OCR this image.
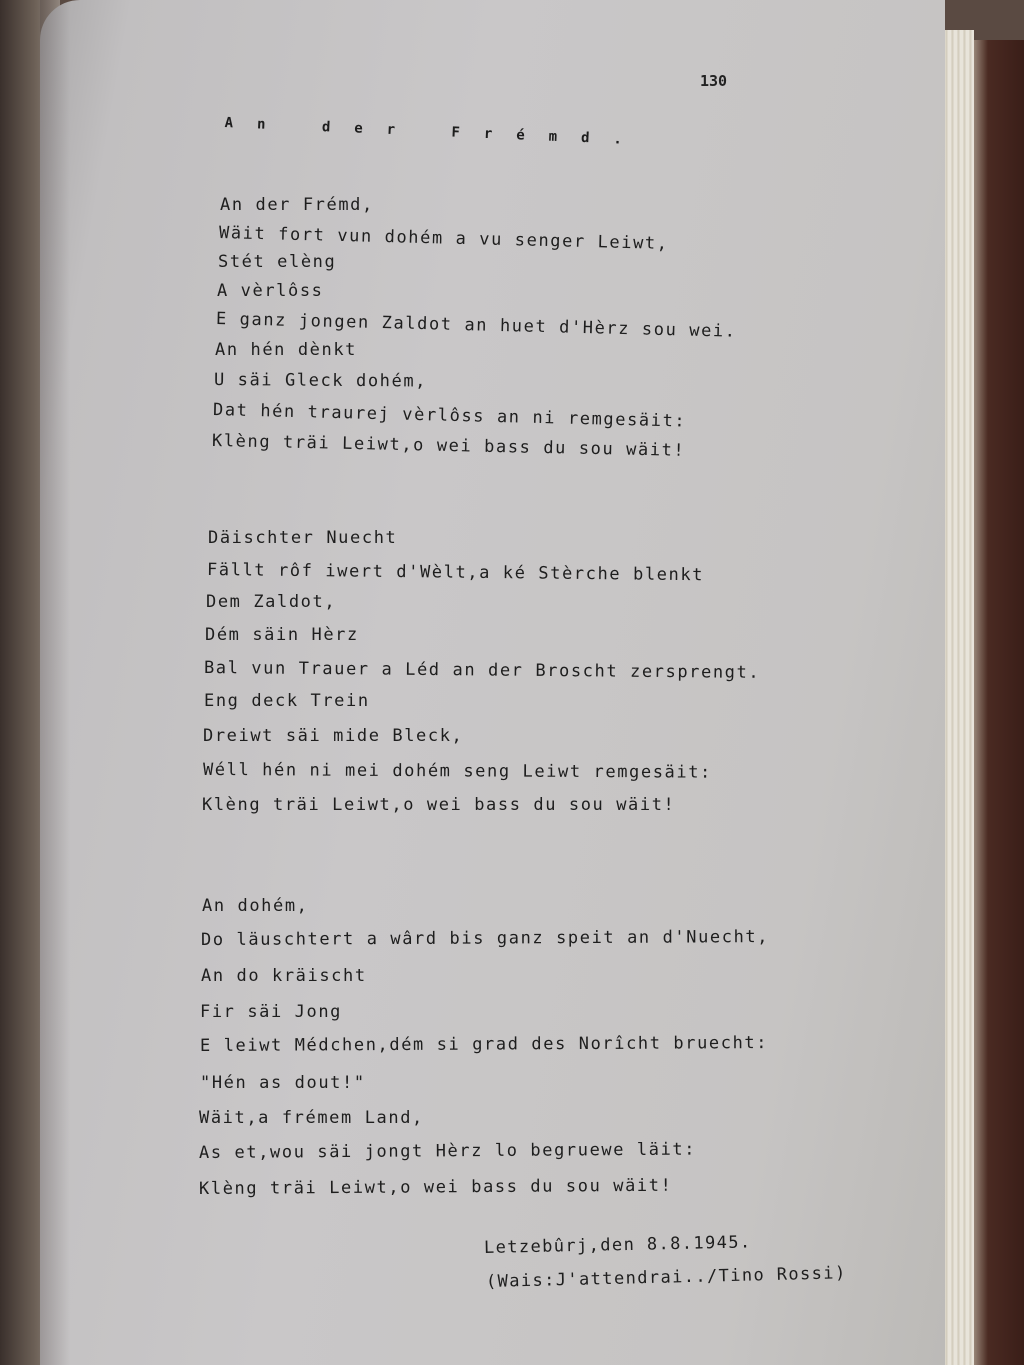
130
An der Frémd.
An der Frémd,
Wäit fort vun dohém a vu senger Leiwt,
Stét elèng
A vèrlôss
E ganz jongen Zaldot an huet d'Hèrz sou wei.
An hén dènkt
U säi Gleck dohém,
Dat hén traurej vèrlôss an ni remgesäit:
Klèng träi Leiwt,o wei bass du sou wäit!
Däischter Nuecht
Fällt rôf iwert d'Wèlt,a ké Stèrche blenkt
Dem Zaldot,
Dém säin Hèrz
Bal vun Trauer a Léd an der Broscht zersprengt.
Eng deck Trein
Dreiwt säi mide Bleck,
Wéll hén ni mei dohém seng Leiwt remgesäit:
Klèng träi Leiwt,o wei bass du sou wäit!
An dohém,
Do läuschtert a wârd bis ganz speit an d'Nuecht,
An do kräischt
Fir säi Jong
E leiwt Médchen,dém si grad des Norîcht bruecht:
"Hén as dout!"
Wäit,a frémem Land,
As et,wou säi jongt Hèrz lo begruewe läit:
Klèng träi Leiwt,o wei bass du sou wäit!
Letzebûrj,den 8.8.1945.
(Wais:J'attendrai../Tino Rossi)
